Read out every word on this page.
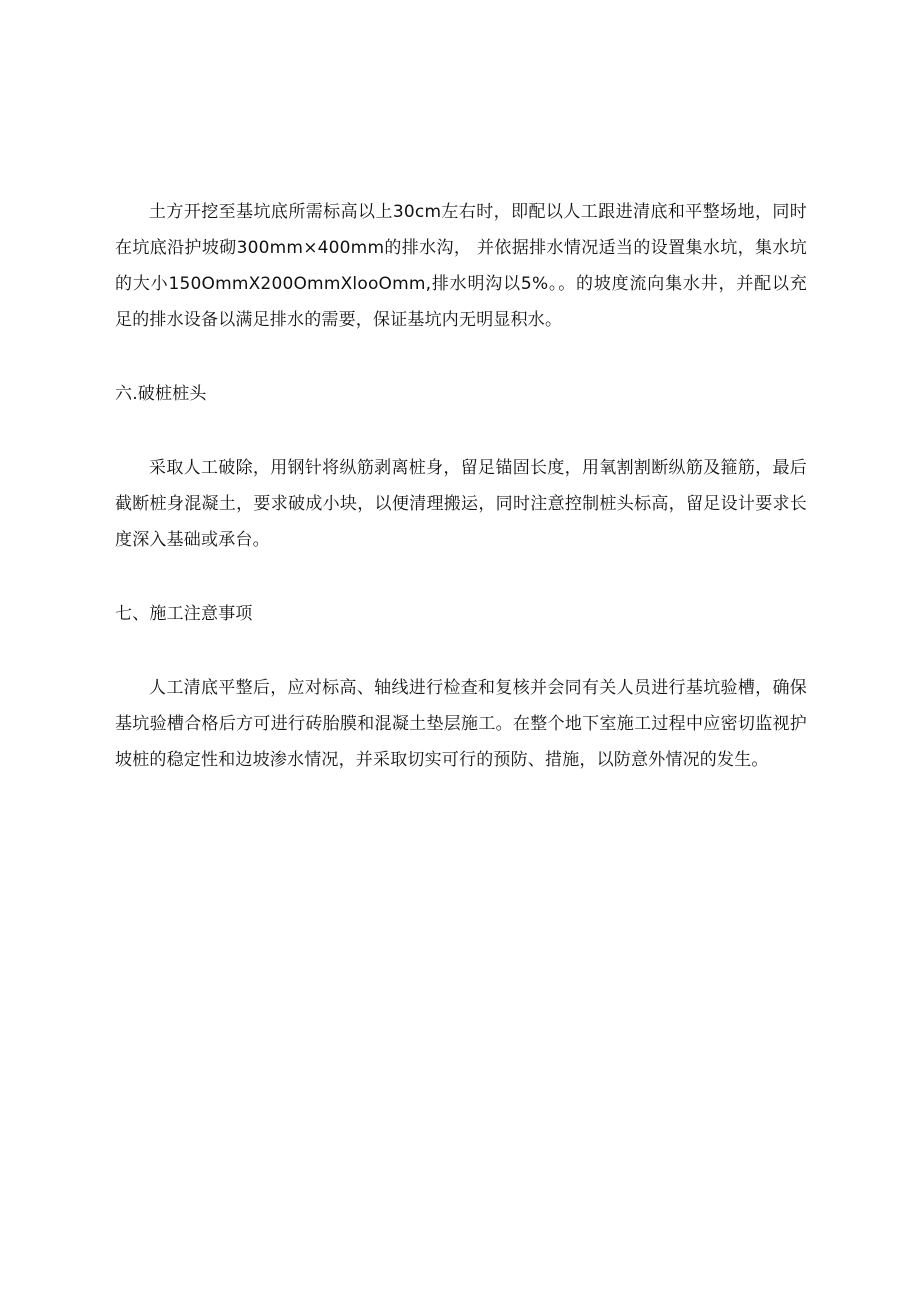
土方开挖至基坑底所需标高以上30cm左右时，即配以人工跟进清底和平整场地，同时在坑底沿护坡砌300mm×400mm的排水沟， 并依据排水情况适当的设置集水坑，集水坑的大小150OmmX200OmmXlooOmm,排水明沟以5%。。的坡度流向集水井，并配以充足的排水设备以满足排水的需要，保证基坑内无明显积水。

六.破桩桩头

采取人工破除，用钢针将纵筋剥离桩身，留足锚固长度，用氧割割断纵筋及箍筋，最后截断桩身混凝土，要求破成小块，以便清理搬运，同时注意控制桩头标高，留足设计要求长度深入基础或承台。

七、施工注意事项

人工清底平整后，应对标高、轴线进行检查和复核并会同有关人员进行基坑验槽，确保基坑验槽合格后方可进行砖胎膜和混凝土垫层施工。在整个地下室施工过程中应密切监视护坡桩的稳定性和边坡渗水情况，并采取切实可行的预防、措施，以防意外情况的发生。
